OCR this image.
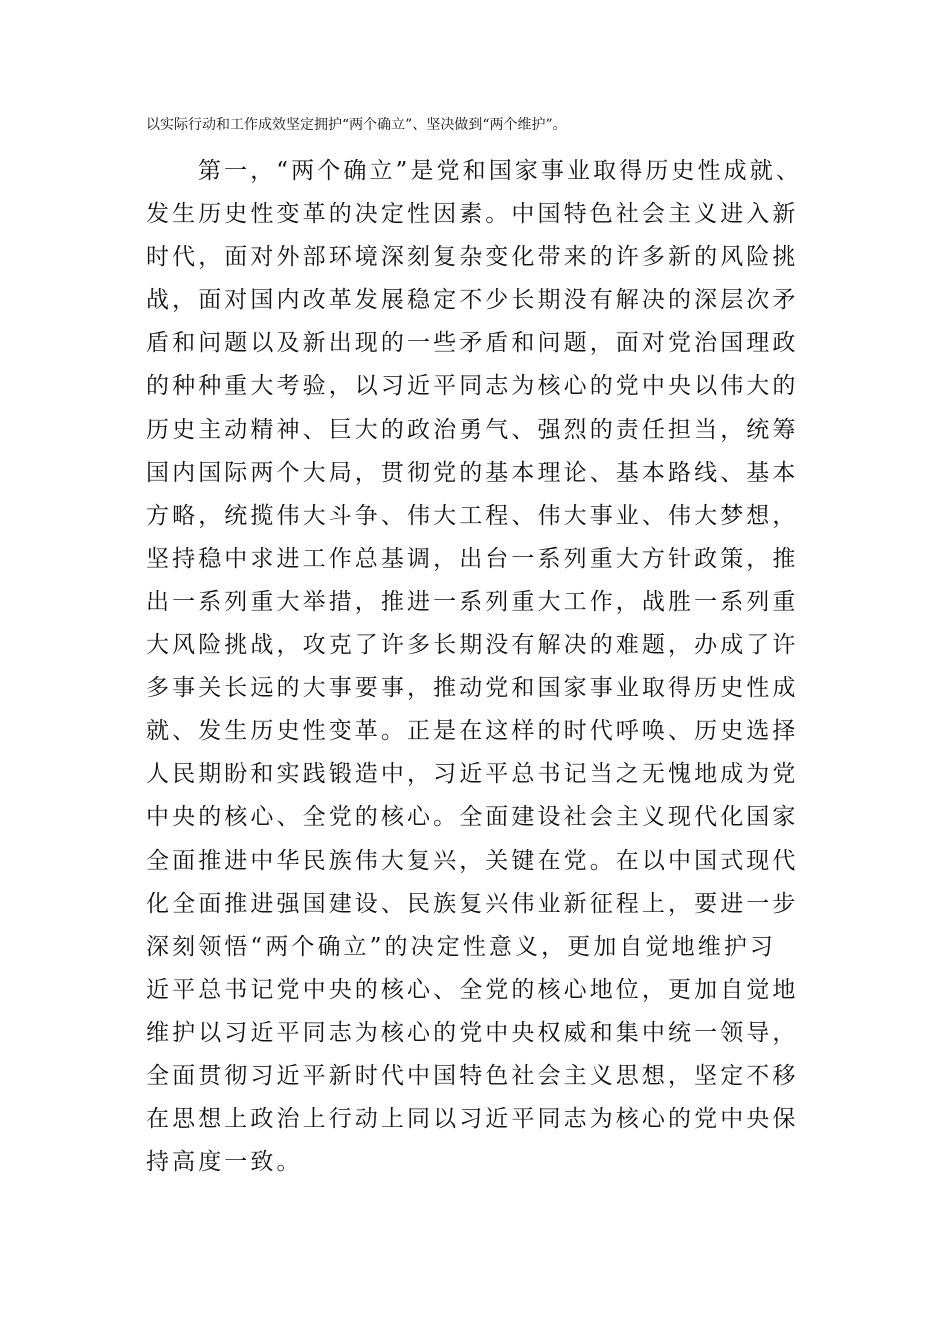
以实际行动和工作成效坚定拥护“两个确立”、坚决做到“两个维护”。
第一，“两个确立”是党和国家事业取得历史性成就、
发生历史性变革的决定性因素。中国特色社会主义进入新
时代，面对外部环境深刻复杂变化带来的许多新的风险挑
战，面对国内改革发展稳定不少长期没有解决的深层次矛
盾和问题以及新出现的一些矛盾和问题，面对党治国理政
的种种重大考验，以习近平同志为核心的党中央以伟大的
历史主动精神、巨大的政治勇气、强烈的责任担当，统筹
国内国际两个大局，贯彻党的基本理论、基本路线、基本
方略，统揽伟大斗争、伟大工程、伟大事业、伟大梦想，
坚持稳中求进工作总基调，出台一系列重大方针政策，推
出一系列重大举措，推进一系列重大工作，战胜一系列重
大风险挑战，攻克了许多长期没有解决的难题，办成了许
多事关长远的大事要事，推动党和国家事业取得历史性成
就、发生历史性变革。正是在这样的时代呼唤、历史选择
人民期盼和实践锻造中，习近平总书记当之无愧地成为党
中央的核心、全党的核心。全面建设社会主义现代化国家
全面推进中华民族伟大复兴，关键在党。在以中国式现代
化全面推进强国建设、民族复兴伟业新征程上，要进一步
深刻领悟“两个确立”的决定性意义，更加自觉地维护习
近平总书记党中央的核心、全党的核心地位，更加自觉地
维护以习近平同志为核心的党中央权威和集中统一领导，
全面贯彻习近平新时代中国特色社会主义思想，坚定不移
在思想上政治上行动上同以习近平同志为核心的党中央保
持高度一致。
